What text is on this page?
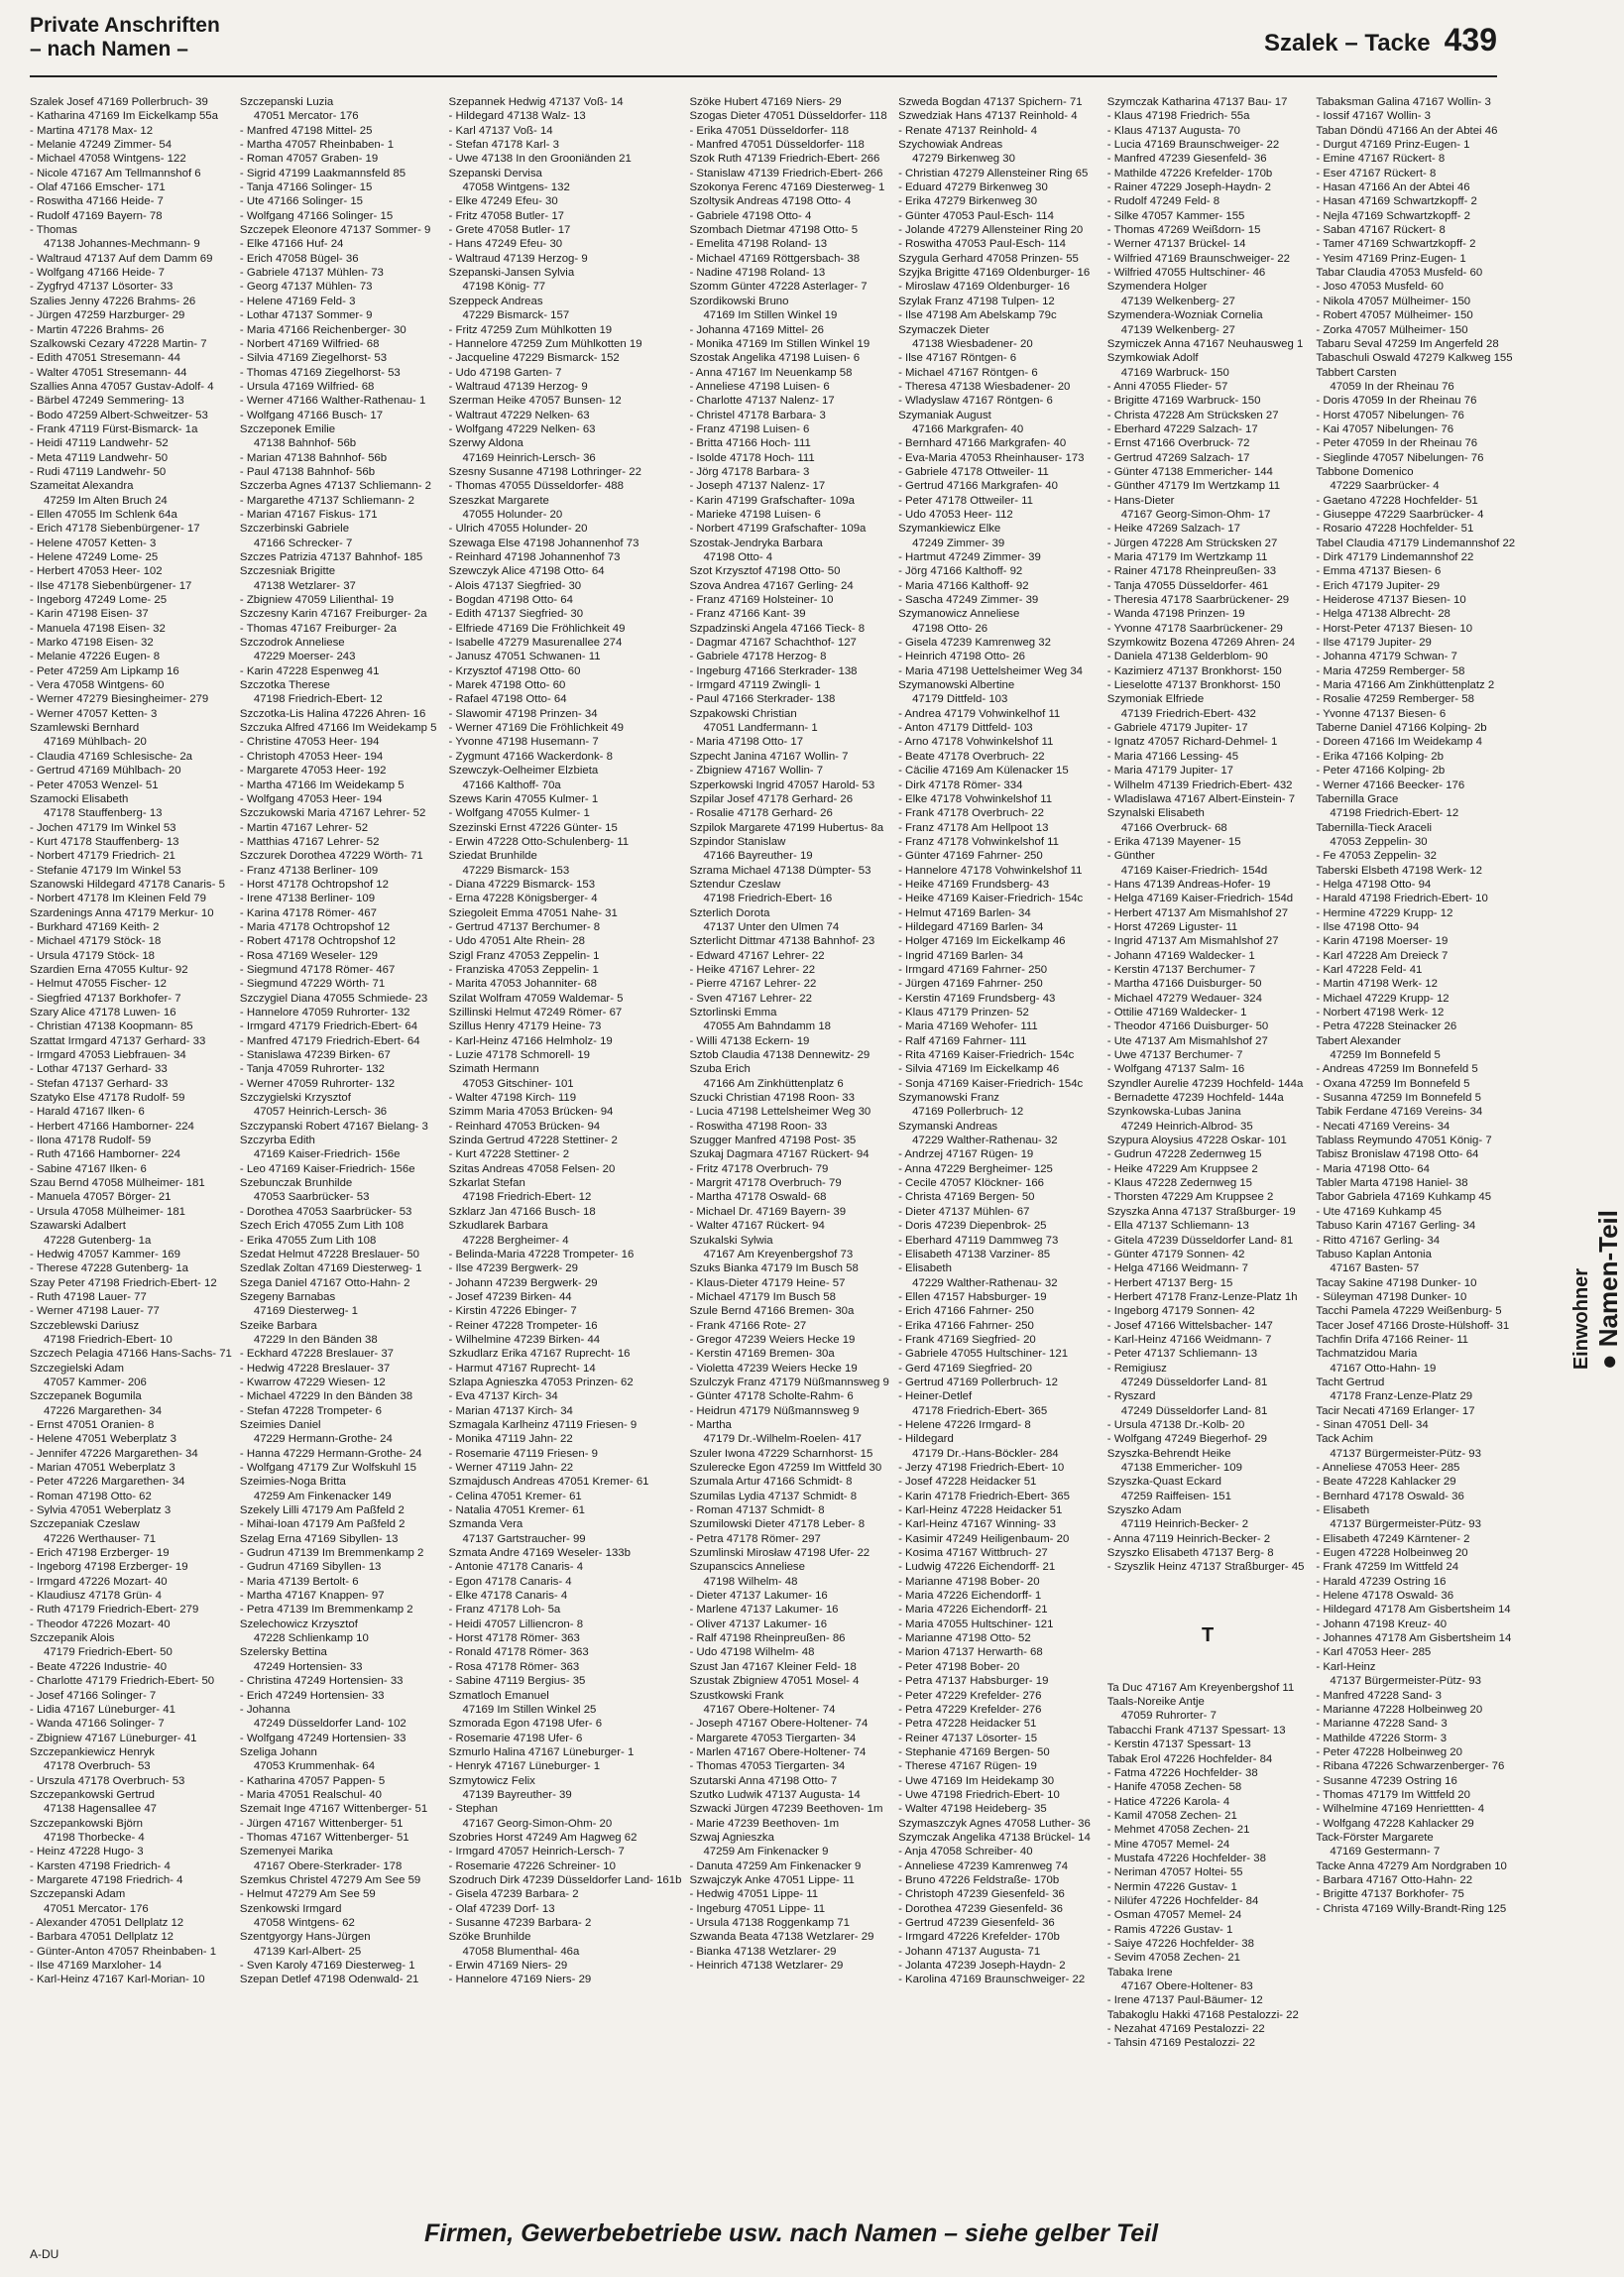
Private Anschriften
– nach Namen –	Szalek – Tacke 439
Szalek Josef 47169 Pollerbruch- 39
- Katharina 47169 Im Eickelkamp 55a
- Martina 47178 Max- 12
- Melanie 47249 Zimmer- 54
- Michael 47058 Wintgens- 122
- Nicole 47167 Am Tellmannshof 6
- Olaf 47166 Emscher- 171
- Roswitha 47166 Heide- 7
- Rudolf 47169 Bayern- 78
- Thomas
47138 Johannes-Mechmann- 9
- Waltraud 47137 Auf dem Damm 69
- Wolfgang 47166 Heide- 7
- Zygfryd 47137 Lösorter- 33
Szalies Jenny 47226 Brahms- 26
- Jürgen 47259 Harzburger- 29
- Martin 47226 Brahms- 26
Szalkowski Cezary 47228 Martin- 7
- Edith 47051 Stresemann- 44
- Walter 47051 Stresemann- 44
Szallies Anna 47057 Gustav-Adolf- 4
- Bärbel 47249 Semmering- 13
- Bodo 47259 Albert-Schweitzer- 53
- Frank 47119 Fürst-Bismarck- 1a
- Heidi 47119 Landwehr- 52
- Meta 47119 Landwehr- 50
- Rudi 47119 Landwehr- 50
Szameitat Alexandra
47259 Im Alten Bruch 24
- Ellen 47055 Im Schlenk 64a
- Erich 47178 Siebenbürgener- 17
- Helene 47057 Ketten- 3
- Helene 47249 Lome- 25
- Herbert 47053 Heer- 102
- Ilse 47178 Siebenbürgener- 17
- Ingeborg 47249 Lome- 25
- Karin 47198 Eisen- 37
- Manuela 47198 Eisen- 32
- Marko 47198 Eisen- 32
- Melanie 47226 Eugen- 8
- Peter 47259 Am Lipkamp 16
- Vera 47058 Wintgens- 60
- Werner 47279 Biesingheimer- 279
- Werner 47057 Ketten- 3
Szamlewski Bernhard
47169 Mühlbach- 20
- Claudia 47169 Schlesische- 2a
- Gertrud 47169 Mühlbach- 20
- Peter 47053 Wenzel- 51
Szamocki Elisabeth
47178 Stauffenberg- 13
- Jochen 47179 Im Winkel 53
- Kurt 47178 Stauffenberg- 13
- Norbert 47179 Friedrich- 21
- Stefanie 47179 Im Winkel 53
Szanowski Hildegard 47178 Canaris- 5
- Norbert 47178 Im Kleinen Feld 79
Szardenings Anna 47179 Merkur- 10
- Burkhard 47169 Keith- 2
- Michael 47179 Stöck- 18
- Ursula 47179 Stöck- 18
Szardien Erna 47055 Kultur- 92
- Helmut 47055 Fischer- 12
- Siegfried 47137 Borkhofer- 7
Szary Alice 47178 Luwen- 16
- Christian 47138 Koopmann- 85
Szattat Irmgard 47137 Gerhard- 33
- Irmgard 47053 Liebfrauen- 34
- Lothar 47137 Gerhard- 33
- Stefan 47137 Gerhard- 33
Szatyko Else 47178 Rudolf- 59
- Harald 47167 Ilken- 6
- Herbert 47166 Hamborner- 224
- Ilona 47178 Rudolf- 59
- Ruth 47166 Hamborner- 224
- Sabine 47167 Ilken- 6
Szau Bernd 47058 Mülheimer- 181
- Manuela 47057 Börger- 21
- Ursula 47058 Mülheimer- 181
Szawarski Adalbert
47228 Gutenberg- 1a
- Hedwig 47057 Kammer- 169
- Therese 47228 Gutenberg- 1a
Szay Peter 47198 Friedrich-Ebert- 12
- Ruth 47198 Lauer- 77
- Werner 47198 Lauer- 77
Szczeblewski Dariusz
47198 Friedrich-Ebert- 10
Szczech Pelagia 47166 Hans-Sachs- 71
Szczegielski Adam
47057 Kammer- 206
Szczepanek Bogumila
47226 Margarethen- 34
- Ernst 47051 Oranien- 8
- Helene 47051 Weberplatz 3
- Jennifer 47226 Margarethen- 34
- Marian 47051 Weberplatz 3
- Peter 47226 Margarethen- 34
- Roman 47198 Otto- 62
- Sylvia 47051 Weberplatz 3
Szczepaniak Czeslaw
47226 Werthauser- 71
- Erich 47198 Erzberger- 19
- Ingeborg 47198 Erzberger- 19
- Irmgard 47226 Mozart- 40
- Klaudiusz 47178 Grün- 4
- Ruth 47179 Friedrich-Ebert- 279
- Theodor 47226 Mozart- 40
Szczepanik Alois
47179 Friedrich-Ebert- 50
- Beate 47226 Industrie- 40
- Charlotte 47179 Friedrich-Ebert- 50
- Josef 47166 Solinger- 7
- Lidia 47167 Lüneburger- 41
- Wanda 47166 Solinger- 7
- Zbigniew 47167 Lüneburger- 41
Szczepankiewicz Henryk
47178 Overbruch- 53
- Urszula 47178 Overbruch- 53
Szczepankowski Gertrud
47138 Hagensallee 47
Szczepankowski Björn
47198 Thorbecke- 4
- Heinz 47228 Hugo- 3
- Karsten 47198 Friedrich- 4
- Margarete 47198 Friedrich- 4
Szczepanski Adam
47051 Mercator- 176
- Alexander 47051 Dellplatz 12
- Barbara 47051 Dellplatz 12
- Günter-Anton 47057 Rheinbaben- 1
- Ilse 47169 Marxloher- 14
- Karl-Heinz 47167 Karl-Morian- 10
Szczepanski Luzia
47051 Mercator- 176
- Manfred 47198 Mittel- 25
- Martha 47057 Rheinbaben- 1
- Roman 47057 Graben- 19
- Sigrid 47199 Laakmannsfeld 85
- Tanja 47166 Solinger- 15
- Ute 47166 Solinger- 15
- Wolfgang 47166 Solinger- 15
Szczepek Eleonore 47137 Sommer- 9
- Elke 47166 Huf- 24
- Erich 47058 Bügel- 36
- Gabriele 47137 Mühlen- 73
- Georg 47137 Mühlen- 73
- Helene 47169 Feld- 3
- Lothar 47137 Sommer- 9
- Maria 47166 Reichenberger- 30
- Norbert 47169 Wilfried- 68
- Silvia 47169 Ziegelhorst- 53
- Thomas 47169 Ziegelhorst- 53
- Ursula 47169 Wilfried- 68
- Werner 47166 Walther-Rathenau- 1
- Wolfgang 47166 Busch- 17
Szczeponek Emilie
47138 Bahnhof- 56b
- Marian 47138 Bahnhof- 56b
- Paul 47138 Bahnhof- 56b
Szczerba Agnes 47137 Schliemann- 2
- Margarethe 47137 Schliemann- 2
- Marian 47167 Fiskus- 171
Szczerbinski Gabriele
47166 Schrecker- 7
Szczes Patrizia 47137 Bahnhof- 185
Szczesniak Brigitte
47138 Wetzlarer- 37
- Zbigniew 47059 Lilienthal- 19
Szczesny Karin 47167 Freiburger- 2a
- Thomas 47167 Freiburger- 2a
Szczodrok Anneliese
47229 Moerser- 243
- Karin 47228 Espenweg 41
Szczotka Therese
47198 Friedrich-Ebert- 12
Szczotka-Lis Halina 47226 Ahren- 16
Szczuka Alfred 47166 Im Weidekamp 5
- Christine 47053 Heer- 194
- Christoph 47053 Heer- 194
- Margarete 47053 Heer- 192
- Martha 47166 Im Weidekamp 5
- Wolfgang 47053 Heer- 194
Szczukowski Maria 47167 Lehrer- 52
- Martin 47167 Lehrer- 52
- Matthias 47167 Lehrer- 52
Szczurek Dorothea 47229 Wörth- 71
- Franz 47138 Berliner- 109
- Horst 47178 Ochtropshof 12
- Irene 47138 Berliner- 109
- Karina 47178 Römer- 467
- Maria 47178 Ochtropshof 12
- Robert 47178 Ochtropshof 12
- Rosa 47169 Weseler- 129
- Siegmund 47178 Römer- 467
- Siegmund 47229 Wörth- 71
Szczygiel Diana 47055 Schmiede- 23
- Hannelore 47059 Ruhrorter- 132
- Irmgard 47179 Friedrich-Ebert- 64
- Manfred 47179 Friedrich-Ebert- 64
- Stanislawa 47239 Birken- 67
- Tanja 47059 Ruhrorter- 132
- Werner 47059 Ruhrorter- 132
Szczygielski Krzysztof
47057 Heinrich-Lersch- 36
Szczypanski Robert 47167 Bielang- 3
Szczyrba Edith
47169 Kaiser-Friedrich- 156e
- Leo 47169 Kaiser-Friedrich- 156e
Szebunczak Brunhilde
47053 Saarbrücker- 53
- Dorothea 47053 Saarbrücker- 53
Szech Erich 47055 Zum Lith 108
- Erika 47055 Zum Lith 108
Szedat Helmut 47228 Breslauer- 50
Szedlak Zoltan 47169 Diesterweg- 1
Szega Daniel 47167 Otto-Hahn- 2
Szegeny Barnabas
47169 Diesterweg- 1
Szeike Barbara
47229 In den Bänden 38
- Eckhard 47228 Breslauer- 37
- Hedwig 47228 Breslauer- 37
- Kwarrow 47229 Wiesen- 12
- Michael 47229 In den Bänden 38
- Stefan 47228 Trompeter- 6
Szeimies Daniel
47229 Hermann-Grothe- 24
- Hanna 47229 Hermann-Grothe- 24
- Wolfgang 47179 Zur Wolfskuhl 15
Szeimies-Noga Britta
47259 Am Finkenacker 149
Szekely Lilli 47179 Am Paßfeld 2
- Mihai-Ioan 47179 Am Paßfeld 2
Szelag Erna 47169 Sibyllen- 13
- Gudrun 47139 Im Bremmenkamp 2
- Gudrun 47169 Sibyllen- 13
- Maria 47139 Bertolt- 6
- Martha 47167 Knappen- 97
- Petra 47139 Im Bremmenkamp 2
Szelechowicz Krzysztof
47228 Schlienkamp 10
Szelersky Bettina
47249 Hortensien- 33
- Christina 47249 Hortensien- 33
- Erich 47249 Hortensien- 33
- Johanna
47249 Düsseldorfer Land- 102
- Wolfgang 47249 Hortensien- 33
Szeliga Johann
47053 Krummenhak- 64
- Katharina 47057 Pappen- 5
- Maria 47051 Realschul- 40
Szemait Inge 47167 Wittenberger- 51
- Jürgen 47167 Wittenberger- 51
- Thomas 47167 Wittenberger- 51
Szemenyei Marika
47167 Obere-Sterkrader- 178
Szemkus Christel 47279 Am See 59
- Helmut 47279 Am See 59
Szenkowski Irmgard
47058 Wintgens- 62
Szentgyorgy Hans-Jürgen
47139 Karl-Albert- 25
- Sven Karoly 47169 Diesterweg- 1
Szepan Detlef 47198 Odenwald- 21
Szepannek Hedwig 47137 Voß- 14
- Hildegard 47138 Walz- 13
- Karl 47137 Voß- 14
- Stefan 47178 Karl- 3
- Uwe 47138 In den Grooniänden 21
Szepanski Dervisa
47058 Wintgens- 132
- Elke 47249 Efeu- 30
- Fritz 47058 Butler- 17
- Grete 47058 Butler- 17
- Hans 47249 Efeu- 30
- Waltraud 47139 Herzog- 9
Szepanski-Jansen Sylvia
47198 König- 77
Szeppeck Andreas
47229 Bismarck- 157
- Fritz 47259 Zum Mühlkotten 19
- Hannelore 47259 Zum Mühlkotten 19
- Jacqueline 47229 Bismarck- 152
- Udo 47198 Garten- 7
- Waltraud 47139 Herzog- 9
Szerman Heike 47057 Bunsen- 12
- Waltraut 47229 Nelken- 63
- Wolfgang 47229 Nelken- 63
Szerwy Aldona
47169 Heinrich-Lersch- 36
Szesny Susanne 47198 Lothringer- 22
- Thomas 47055 Düsseldorfer- 488
Szeszkat Margarete
47055 Holunder- 20
- Ulrich 47055 Holunder- 20
Szewaga Else 47198 Johannenhof 73
- Reinhard 47198 Johannenhof 73
Szewczyk Alice 47198 Otto- 64
- Alois 47137 Siegfried- 30
- Bogdan 47198 Otto- 64
- Edith 47137 Siegfried- 30
- Elfriede 47169 Die Fröhlichkeit 49
- Isabelle 47279 Masurenallee 274
- Janusz 47051 Schwanen- 11
- Krzysztof 47198 Otto- 60
- Marek 47198 Otto- 60
- Rafael 47198 Otto- 64
- Slawomir 47198 Prinzen- 34
- Werner 47169 Die Fröhlichkeit 49
- Yvonne 47198 Husemann- 7
- Zygmunt 47166 Wackerdonk- 8
Szewczyk-Oelheimer Elzbieta
47166 Kalthoff- 70a
Szews Karin 47055 Kulmer- 1
- Wolfgang 47055 Kulmer- 1
Szezinski Ernst 47226 Günter- 15
- Erwin 47228 Otto-Schulenberg- 11
Sziedat Brunhilde
47229 Bismarck- 153
- Diana 47229 Bismarck- 153
- Erna 47228 Königsberger- 4
Sziegoleit Emma 47051 Nahe- 31
- Gertrud 47137 Berchumer- 8
- Udo 47051 Alte Rhein- 28
Szigl Franz 47053 Zeppelin- 1
- Franziska 47053 Zeppelin- 1
- Marita 47053 Johanniter- 68
Szilat Wolfram 47059 Waldemar- 5
Szillinski Helmut 47249 Römer- 67
Szillus Henry 47179 Heine- 73
- Karl-Heinz 47166 Helmholz- 19
- Luzie 47178 Schmorell- 19
Szimath Hermann
47053 Gitschiner- 101
- Walter 47198 Kirch- 119
Szimm Maria 47053 Brücken- 94
- Reinhard 47053 Brücken- 94
Szinda Gertrud 47228 Stettiner- 2
- Kurt 47228 Stettiner- 2
Szitas Andreas 47058 Felsen- 20
Szkarlat Stefan
47198 Friedrich-Ebert- 12
Szklarz Jan 47166 Busch- 18
Szkudlarek Barbara
47228 Bergheimer- 4
- Belinda-Maria 47228 Trompeter- 16
- Ilse 47239 Bergwerk- 29
- Johann 47239 Bergwerk- 29
- Josef 47239 Birken- 44
- Kirstin 47226 Ebinger- 7
- Reiner 47228 Trompeter- 16
- Wilhelmine 47239 Birken- 44
Szkudlarz Erika 47167 Ruprecht- 16
- Harmut 47167 Ruprecht- 14
Szlapa Agnieszka 47053 Prinzen- 62
- Eva 47137 Kirch- 34
- Marian 47137 Kirch- 34
Szmagala Karlheinz 47119 Friesen- 9
- Monika 47119 Jahn- 22
- Rosemarie 47119 Friesen- 9
- Werner 47119 Jahn- 22
Szmajdusch Andreas 47051 Kremer- 61
- Celina 47051 Kremer- 61
- Natalia 47051 Kremer- 61
Szmanda Vera
47137 Gartstraucher- 99
Szmata Andre 47169 Weseler- 133b
- Antonie 47178 Canaris- 4
- Egon 47178 Canaris- 4
- Elke 47178 Canaris- 4
- Franz 47178 Loh- 5a
- Heidi 47057 Lilliencron- 8
- Horst 47178 Römer- 363
- Ronald 47178 Römer- 363
- Rosa 47178 Römer- 363
- Sabine 47119 Bergius- 35
Szmatloch Emanuel
47169 Im Stillen Winkel 25
Szmorada Egon 47198 Ufer- 6
- Rosemarie 47198 Ufer- 6
Szmurlo Halina 47167 Lüneburger- 1
- Henryk 47167 Lüneburger- 1
Szmytowicz Felix
47139 Bayreuther- 39
- Stephan
47167 Georg-Simon-Ohm- 20
Szobries Horst 47249 Am Hagweg 62
- Irmgard 47057 Heinrich-Lersch- 7
- Rosemarie 47226 Schreiner- 10
Szodruch Dirk 47239 Düsseldorfer Land- 161b
- Gisela 47239 Barbara- 2
- Olaf 47239 Dorf- 13
- Susanne 47239 Barbara- 2
Szöke Brunhilde
47058 Blumenthal- 46a
- Erwin 47169 Niers- 29
- Hannelore 47169 Niers- 29
Szöke Hubert 47169 Niers- 29
Szogas Dieter 47051 Düsseldorfer- 118
- Erika 47051 Düsseldorfer- 118
- Manfred 47051 Düsseldorfer- 118
Szok Ruth 47139 Friedrich-Ebert- 266
- Stanislaw 47139 Friedrich-Ebert- 266
Szokonya Ferenc 47169 Diesterweg- 1
Szoltysik Andreas 47198 Otto- 4
- Gabriele 47198 Otto- 4
Szombach Dietmar 47198 Otto- 5
- Emelita 47198 Roland- 13
- Michael 47169 Röttgersbach- 38
- Nadine 47198 Roland- 13
Szomm Günter 47228 Asterlager- 7
Szordikowski Bruno
47169 Im Stillen Winkel 19
- Johanna 47169 Mittel- 26
- Monika 47169 Im Stillen Winkel 19
Szostak Angelika 47198 Luisen- 6
- Anna 47167 Im Neuenkamp 58
- Anneliese 47198 Luisen- 6
- Charlotte 47137 Nalenz- 17
- Christel 47178 Barbara- 3
- Franz 47198 Luisen- 6
- Britta 47166 Hoch- 111
- Isolde 47178 Hoch- 111
- Jörg 47178 Barbara- 3
- Joseph 47137 Nalenz- 17
- Karin 47199 Grafschafter- 109a
- Marieke 47198 Luisen- 6
- Norbert 47199 Grafschafter- 109a
Szostak-Jendryka Barbara
47198 Otto- 4
Szot Krzysztof 47198 Otto- 50
Szova Andrea 47167 Gerling- 24
- Franz 47169 Holsteiner- 10
- Franz 47166 Kant- 39
Szpadzinski Angela 47166 Tieck- 8
- Dagmar 47167 Schachthof- 127
- Gabriele 47178 Herzog- 8
- Ingeburg 47166 Sterkrader- 138
- Irmgard 47119 Zwingli- 1
- Paul 47166 Sterkrader- 138
Szpakowski Christian
47051 Landfermann- 1
- Maria 47198 Otto- 17
Szpecht Janina 47167 Wollin- 7
- Zbigniew 47167 Wollin- 7
Szperkowski Ingrid 47057 Harold- 53
Szpilar Josef 47178 Gerhard- 26
- Rosalie 47178 Gerhard- 26
Szpilok Margarete 47199 Hubertus- 8a
Szpindor Stanislaw
47166 Bayreuther- 19
Szrama Michael 47138 Dümpter- 53
Sztendur Czeslaw
47198 Friedrich-Ebert- 16
Szterlich Dorota
47137 Unter den Ulmen 74
Szterlicht Dittmar 47138 Bahnhof- 23
- Edward 47167 Lehrer- 22
- Heike 47167 Lehrer- 22
- Pierre 47167 Lehrer- 22
- Sven 47167 Lehrer- 22
Sztorlinski Emma
47055 Am Bahndamm 18
- Willi 47138 Eckern- 19
Sztob Claudia 47138 Dennewitz- 29
Szuba Erich
47166 Am Zinkhüttenplatz 6
Szucki Christian 47198 Roon- 33
- Lucia 47198 Lettelsheimer Weg 30
- Roswitha 47198 Roon- 33
Szugger Manfred 47198 Post- 35
Szukaj Dagmara 47167 Rückert- 94
- Fritz 47178 Overbruch- 79
- Margrit 47178 Overbruch- 79
- Martha 47178 Oswald- 68
- Michael Dr. 47169 Bayern- 39
- Walter 47167 Rückert- 94
Szukalski Sylwia
47167 Am Kreyenbergshof 73
Szuks Bianka 47179 Im Busch 58
- Klaus-Dieter 47179 Heine- 57
- Michael 47179 Im Busch 58
Szule Bernd 47166 Bremen- 30a
- Frank 47166 Rote- 27
- Gregor 47239 Weiers Hecke 19
- Kerstin 47169 Bremen- 30a
- Violetta 47239 Weiers Hecke 19
Szulczyk Franz 47179 Nüßmannsweg 9
- Günter 47178 Scholte-Rahm- 6
- Heidrun 47179 Nüßmannsweg 9
- Martha
47179 Dr.-Wilhelm-Roelen- 417
Szuler Iwona 47229 Scharnhorst- 15
Szulerecke Egon 47259 Im Wittfeld 30
Szumala Artur 47166 Schmidt- 8
Szumilas Lydia 47137 Schmidt- 8
- Roman 47137 Schmidt- 8
Szumilowski Dieter 47178 Leber- 8
- Petra 47178 Römer- 297
Szumlinski Mirosław 47198 Ufer- 22
Szupanscics Anneliese
47198 Wilhelm- 48
- Dieter 47137 Lakumer- 16
- Marlene 47137 Lakumer- 16
- Oliver 47137 Lakumer- 16
- Ralf 47198 Rheinpreußen- 86
- Udo 47198 Wilhelm- 48
Szust Jan 47167 Kleiner Feld- 18
Szustak Zbigniew 47051 Mosel- 4
Szustkowski Frank
47167 Obere-Holtener- 74
- Joseph 47167 Obere-Holtener- 74
- Margarete 47053 Tiergarten- 34
- Marlen 47167 Obere-Holtener- 74
- Thomas 47053 Tiergarten- 34
Szutarski Anna 47198 Otto- 7
Szutko Ludwik 47137 Augusta- 14
Szwacki Jürgen 47239 Beethoven- 1m
- Marie 47239 Beethoven- 1m
Szwaj Agnieszka
47259 Am Finkenacker 9
- Danuta 47259 Am Finkenacker 9
Szwajczyk Anke 47051 Lippe- 11
- Hedwig 47051 Lippe- 11
- Ingeburg 47051 Lippe- 11
- Ursula 47138 Roggenkamp 71
Szwanda Beata 47138 Wetzlarer- 29
- Bianka 47138 Wetzlarer- 29
- Heinrich 47138 Wetzlarer- 29
Szweda Bogdan 47137 Spichern- 71
Szwedziak Hans 47137 Reinhold- 4
- Renate 47137 Reinhold- 4
Szychowiak Andreas
47279 Birkenweg 30
- Christian 47279 Allensteiner Ring 65
- Eduard 47279 Birkenweg 30
- Erika 47279 Birkenweg 30
- Günter 47053 Paul-Esch- 114
- Jolande 47279 Allensteiner Ring 20
- Roswitha 47053 Paul-Esch- 114
Szygula Gerhard 47058 Prinzen- 55
Szyjka Brigitte 47169 Oldenburger- 16
- Miroslaw 47169 Oldenburger- 16
Szylak Franz 47198 Tulpen- 12
- Ilse 47198 Am Abelskamp 79c
Szymaczek Dieter
47138 Wiesbadener- 20
- Ilse 47167 Röntgen- 6
- Michael 47167 Röntgen- 6
- Theresa 47138 Wiesbadener- 20
- Wladyslaw 47167 Röntgen- 6
Szymaniak August
47166 Markgrafen- 40
- Bernhard 47166 Markgrafen- 40
- Eva-Maria 47053 Rheinhauser- 173
- Gabriele 47178 Ottweiler- 11
- Gertrud 47166 Markgrafen- 40
- Peter 47178 Ottweiler- 11
- Udo 47053 Heer- 112
Szymankiewicz Elke
47249 Zimmer- 39
- Hartmut 47249 Zimmer- 39
- Jörg 47166 Kalthoff- 92
- Maria 47166 Kalthoff- 92
- Sascha 47249 Zimmer- 39
Szymanowicz Anneliese
47198 Otto- 26
- Gisela 47239 Kamrenweg 32
- Heinrich 47198 Otto- 26
- Maria 47198 Uettelsheimer Weg 34
Szymanowski Albertine
47179 Dittfeld- 103
- Andrea 47179 Vohwinkelhof 11
- Anton 47179 Dittfeld- 103
- Arno 47178 Vohwinkelshof 11
- Beate 47178 Overbruch- 22
- Cäcilie 47169 Am Külenacker 15
- Dirk 47178 Römer- 334
- Elke 47178 Vohwinkelshof 11
- Frank 47178 Overbruch- 22
- Franz 47178 Am Hellpoot 13
- Franz 47178 Vohwinkelshof 11
- Günter 47169 Fahrner- 250
- Hannelore 47178 Vohwinkelshof 11
- Heike 47169 Frundsberg- 43
- Heike 47169 Kaiser-Friedrich- 154c
- Helmut 47169 Barlen- 34
- Hildegard 47169 Barlen- 34
- Holger 47169 Im Eickelkamp 46
- Ingrid 47169 Barlen- 34
- Irmgard 47169 Fahrner- 250
- Jürgen 47169 Fahrner- 250
- Kerstin 47169 Frundsberg- 43
- Klaus 47179 Prinzen- 52
- Maria 47169 Wehofer- 111
- Ralf 47169 Fahrner- 111
- Rita 47169 Kaiser-Friedrich- 154c
- Silvia 47169 Im Eickelkamp 46
- Sonja 47169 Kaiser-Friedrich- 154c
Szymanowski Franz
47169 Pollerbruch- 12
Szymanski Andreas
47229 Walther-Rathenau- 32
- Andrzej 47167 Rügen- 19
- Anna 47229 Bergheimer- 125
- Cecile 47057 Klöckner- 166
- Christa 47169 Bergen- 50
- Dieter 47137 Mühlen- 67
- Doris 47239 Diepenbrok- 25
- Eberhard 47119 Dammweg 73
- Elisabeth 47138 Varziner- 85
- Elisabeth
47229 Walther-Rathenau- 32
- Ellen 47157 Habsburger- 19
- Erich 47166 Fahrner- 250
- Erika 47166 Fahrner- 250
- Frank 47169 Siegfried- 20
- Gabriele 47055 Hultschiner- 121
- Gerd 47169 Siegfried- 20
- Gertrud 47169 Pollerbruch- 12
- Heiner-Detlef
47178 Friedrich-Ebert- 365
- Helene 47226 Irmgard- 8
- Hildegard
47179 Dr.-Hans-Böckler- 284
- Jerzy 47198 Friedrich-Ebert- 10
- Josef 47228 Heidacker 51
- Karin 47178 Friedrich-Ebert- 365
- Karl-Heinz 47228 Heidacker 51
- Karl-Heinz 47167 Winning- 33
- Kasimir 47249 Heiligenbaum- 20
- Kosima 47167 Wittbruch- 27
- Ludwig 47226 Eichendorff- 21
- Marianne 47198 Bober- 20
- Maria 47226 Eichendorff- 1
- Maria 47226 Eichendorff- 21
- Maria 47055 Hultschiner- 121
- Marianne 47198 Otto- 52
- Marion 47137 Herwarth- 68
- Peter 47198 Bober- 20
- Petra 47137 Habsburger- 19
- Peter 47229 Krefelder- 276
- Petra 47229 Krefelder- 276
- Petra 47228 Heidacker 51
- Reiner 47137 Lösorter- 15
- Stephanie 47169 Bergen- 50
- Therese 47167 Rügen- 19
- Uwe 47169 Im Heidekamp 30
- Uwe 47198 Friedrich-Ebert- 10
- Walter 47198 Heideberg- 35
Szymaszczyk Agnes 47058 Luther- 36
Szymczak Angelika 47138 Brückel- 14
- Anja 47058 Schreiber- 40
- Anneliese 47239 Kamrenweg 74
- Bruno 47226 Feldstraße- 170b
- Christoph 47239 Giesenfeld- 36
- Dorothea 47239 Giesenfeld- 36
- Gertrud 47239 Giesenfeld- 36
- Irmgard 47226 Krefelder- 170b
- Johann 47137 Augusta- 71
- Jolanta 47239 Joseph-Haydn- 2
- Karolina 47169 Braunschweiger- 22
Szymczak Katharina 47137 Bau- 17
- Klaus 47198 Friedrich- 55a
- Klaus 47137 Augusta- 70
- Lucia 47169 Braunschweiger- 22
- Manfred 47239 Giesenfeld- 36
- Mathilde 47226 Krefelder- 170b
- Rainer 47229 Joseph-Haydn- 2
- Rudolf 47249 Feld- 8
- Silke 47057 Kammer- 155
- Thomas 47269 Weißdorn- 15
- Werner 47137 Brückel- 14
- Wilfried 47169 Braunschweiger- 22
- Wilfried 47055 Hultschiner- 46
Szymendera Holger
47139 Welkenberg- 27
Szymendera-Wozniak Cornelia
47139 Welkenberg- 27
Szymiczek Anna 47167 Neuhausweg 1
Szymkowiak Adolf
47169 Warbruck- 150
- Anni 47055 Flieder- 57
- Brigitte 47169 Warbruck- 150
- Christa 47228 Am Strücksken 27
- Eberhard 47229 Salzach- 17
- Ernst 47166 Overbruck- 72
- Gertrud 47269 Salzach- 17
- Günter 47138 Emmericher- 144
- Günther 47179 Im Wertzkamp 11
- Hans-Dieter
47167 Georg-Simon-Ohm- 17
- Heike 47269 Salzach- 17
- Jürgen 47228 Am Strücksken 27
- Maria 47179 Im Wertzkamp 11
- Rainer 47178 Rheinpreußen- 33
- Tanja 47055 Düsseldorfer- 461
- Theresia 47178 Saarbrückener- 29
- Wanda 47198 Prinzen- 19
- Yvonne 47178 Saarbrückener- 29
Szymkowitz Bozena 47269 Ahren- 24
- Daniela 47138 Gelderblom- 90
- Kazimierz 47137 Bronkhorst- 150
- Lieselotte 47137 Bronkhorst- 150
Szymoniak Elfriede
47139 Friedrich-Ebert- 432
- Gabriele 47179 Jupiter- 17
- Ignatz 47057 Richard-Dehmel- 1
- Maria 47166 Lessing- 45
- Maria 47179 Jupiter- 17
- Wilhelm 47139 Friedrich-Ebert- 432
- Wladislawa 47167 Albert-Einstein- 7
Szynalski Elisabeth
47166 Overbruck- 68
- Erika 47139 Mayener- 15
- Günther
47169 Kaiser-Friedrich- 154d
- Hans 47139 Andreas-Hofer- 19
- Helga 47169 Kaiser-Friedrich- 154d
- Herbert 47137 Am Mismahlshof 27
- Horst 47269 Liguster- 11
- Ingrid 47137 Am Mismahlshof 27
- Johann 47169 Waldecker- 1
- Kerstin 47137 Berchumer- 7
- Martha 47166 Duisburger- 50
- Michael 47279 Wedauer- 324
- Ottilie 47169 Waldecker- 1
- Theodor 47166 Duisburger- 50
- Ute 47137 Am Mismahlshof 27
- Uwe 47137 Berchumer- 7
- Wolfgang 47137 Salm- 16
Szyndler Aurelie 47239 Hochfeld- 144a
- Bernadette 47239 Hochfeld- 144a
Szynkowska-Lubas Janina
47249 Heinrich-Albrod- 35
Szypura Aloysius 47228 Oskar- 101
- Gudrun 47228 Zedernweg 15
- Heike 47229 Am Kruppsee 2
- Klaus 47228 Zedernweg 15
- Thorsten 47229 Am Kruppsee 2
Szyszka Anna 47137 Straßburger- 19
- Ella 47137 Schliemann- 13
- Gitela 47239 Düsseldorfer Land- 81
- Günter 47179 Sonnen- 42
- Helga 47166 Weidmann- 7
- Herbert 47137 Berg- 15
- Herbert 47178 Franz-Lenze-Platz 1h
- Ingeborg 47179 Sonnen- 42
- Josef 47166 Wittelsbacher- 147
- Karl-Heinz 47166 Weidmann- 7
- Peter 47137 Schliemann- 13
- Remigiusz
47249 Düsseldorfer Land- 81
- Ryszard
47249 Düsseldorfer Land- 81
- Ursula 47138 Dr.-Kolb- 20
- Wolfgang 47249 Biegerhof- 29
Szyszka-Behrendt Heike
47138 Emmericher- 109
Szyszka-Quast Eckard
47259 Raiffeisen- 151
Szyszko Adam
47119 Heinrich-Becker- 2
- Anna 47119 Heinrich-Becker- 2
Szyszko Elisabeth 47137 Berg- 8
- Szyszlik Heinz 47137 Straßburger- 45

T

Ta Duc 47167 Am Kreyenbergshof 11
Taals-Noreike Antje
47059 Ruhrorter- 7
Tabacchi Frank 47137 Spessart- 13
- Kerstin 47137 Spessart- 13
Tabak Erol 47226 Hochfelder- 84
- Fatma 47226 Hochfelder- 38
- Hanife 47058 Zechen- 58
- Hatice 47226 Karola- 4
- Kamil 47058 Zechen- 21
- Mehmet 47058 Zechen- 21
- Mine 47057 Memel- 24
- Mustafa 47226 Hochfelder- 38
- Neriman 47057 Holtei- 55
- Nermin 47226 Gustav- 1
- Nilüfer 47226 Hochfelder- 84
- Osman 47057 Memel- 24
- Ramis 47226 Gustav- 1
- Saiye 47226 Hochfelder- 38
- Sevim 47058 Zechen- 21
Tabaka Irene
47167 Obere-Holtener- 83
- Irene 47137 Paul-Bäumer- 12
Tabakoglu Hakki 47168 Pestalozzi- 22
- Nezahat 47169 Pestalozzi- 22
- Tahsin 47169 Pestalozzi- 22
Tabaksman Galina 47167 Wollin- 3
- Iossif 47167 Wollin- 3
Taban Döndü 47166 An der Abtei 46
- Durgut 47169 Prinz-Eugen- 1
- Emine 47167 Rückert- 8
- Eser 47167 Rückert- 8
- Hasan 47166 An der Abtei 46
- Hasan 47169 Schwartzkopff- 2
- Nejla 47169 Schwartzkopff- 2
- Saban 47167 Rückert- 8
- Tamer 47169 Schwartzkopff- 2
- Yesim 47169 Prinz-Eugen- 1
Tabar Claudia 47053 Musfeld- 60
- Joso 47053 Musfeld- 60
- Nikola 47057 Mülheimer- 150
- Robert 47057 Mülheimer- 150
- Zorka 47057 Mülheimer- 150
Tabaru Seval 47259 Im Angerfeld 28
Tabaschuli Oswald 47279 Kalkweg 155
Tabbert Carsten
47059 In der Rheinau 76
- Doris 47059 In der Rheinau 76
- Horst 47057 Nibelungen- 76
- Kai 47057 Nibelungen- 76
- Peter 47059 In der Rheinau 76
- Sieglinde 47057 Nibelungen- 76
Tabbone Domenico
47229 Saarbrücker- 4
- Gaetano 47228 Hochfelder- 51
- Giuseppe 47229 Saarbrücker- 4
- Rosario 47228 Hochfelder- 51
Tabel Claudia 47179 Lindemannshof 22
- Dirk 47179 Lindemannshof 22
- Emma 47137 Biesen- 6
- Erich 47179 Jupiter- 29
- Heiderose 47137 Biesen- 10
- Helga 47138 Albrecht- 28
- Horst-Peter 47137 Biesen- 10
- Ilse 47179 Jupiter- 29
- Johanna 47179 Schwan- 7
- Maria 47259 Remberger- 58
- Maria 47166 Am Zinkhüttenplatz 2
- Rosalie 47259 Remberger- 58
- Yvonne 47137 Biesen- 6
Taberne Daniel 47166 Kolping- 2b
- Doreen 47166 Im Weidekamp 4
- Erika 47166 Kolping- 2b
- Peter 47166 Kolping- 2b
- Werner 47166 Beecker- 176
Tabernilla Grace
47198 Friedrich-Ebert- 12
Tabernilla-Tieck Araceli
47053 Zeppelin- 30
- Fe 47053 Zeppelin- 32
Taberski Elsbeth 47198 Werk- 12
- Helga 47198 Otto- 94
- Harald 47198 Friedrich-Ebert- 10
- Hermine 47229 Krupp- 12
- Ilse 47198 Otto- 94
- Karin 47198 Moerser- 19
- Karl 47228 Am Dreieck 7
- Karl 47228 Feld- 41
- Martin 47198 Werk- 12
- Michael 47229 Krupp- 12
- Norbert 47198 Werk- 12
- Petra 47228 Steinacker 26
Tabert Alexander
47259 Im Bonnefeld 5
- Andreas 47259 Im Bonnefeld 5
- Oxana 47259 Im Bonnefeld 5
- Susanna 47259 Im Bonnefeld 5
Tabik Ferdane 47169 Vereins- 34
- Necati 47169 Vereins- 34
Tablass Reymundo 47051 König- 7
Tabisz Bronislaw 47198 Otto- 64
- Maria 47198 Otto- 64
Tabler Marta 47198 Haniel- 38
Tabor Gabriela 47169 Kuhkamp 45
- Ute 47169 Kuhkamp 45
Tabuso Karin 47167 Gerling- 34
- Ritto 47167 Gerling- 34
Tabuso Kaplan Antonia
47167 Basten- 57
Tacay Sakine 47198 Dunker- 10
- Süleyman 47198 Dunker- 10
Tacchi Pamela 47229 Weißenburg- 5
Tacer Josef 47166 Droste-Hülshoff- 31
Tachfin Drifa 47166 Reiner- 11
Tachmatzidou Maria
47167 Otto-Hahn- 19
Tacht Gertrud
47178 Franz-Lenze-Platz 29
Tacir Necati 47169 Erlanger- 17
- Sinan 47051 Dell- 34
Tack Achim
47137 Bürgermeister-Pütz- 93
- Anneliese 47053 Heer- 285
- Beate 47228 Kahlacker 29
- Bernhard 47178 Oswald- 36
- Elisabeth
47137 Bürgermeister-Pütz- 93
- Elisabeth 47249 Kärntener- 2
- Eugen 47228 Holbeinweg 20
- Frank 47259 Im Wittfeld 24
- Harald 47239 Ostring 16
- Helene 47178 Oswald- 36
- Hildegard 47178 Am Gisbertsheim 14
- Johann 47198 Kreuz- 40
- Johannes 47178 Am Gisbertsheim 14
- Karl 47053 Heer- 285
- Karl-Heinz
47137 Bürgermeister-Pütz- 93
- Manfred 47228 Sand- 3
- Marianne 47228 Holbeinweg 20
- Marianne 47228 Sand- 3
- Mathilde 47226 Storm- 3
- Peter 47228 Holbeinweg 20
- Ribana 47226 Schwarzenberger- 76
- Susanne 47239 Ostring 16
- Thomas 47179 Im Wittfeld 20
- Wilhelmine 47169 Henriettten- 4
- Wolfgang 47228 Kahlacker 29
Tack-Förster Margarete
47169 Gestermann- 7
Tacke Anna 47279 Am Nordgraben 10
- Barbara 47167 Otto-Hahn- 22
- Brigitte 47137 Borkhofer- 75
- Christa 47169 Willy-Brandt-Ring 125
Einwohner ● Namen-Teil
Firmen, Gewerbebetriebe usw. nach Namen – siehe gelber Teil
A-DU
